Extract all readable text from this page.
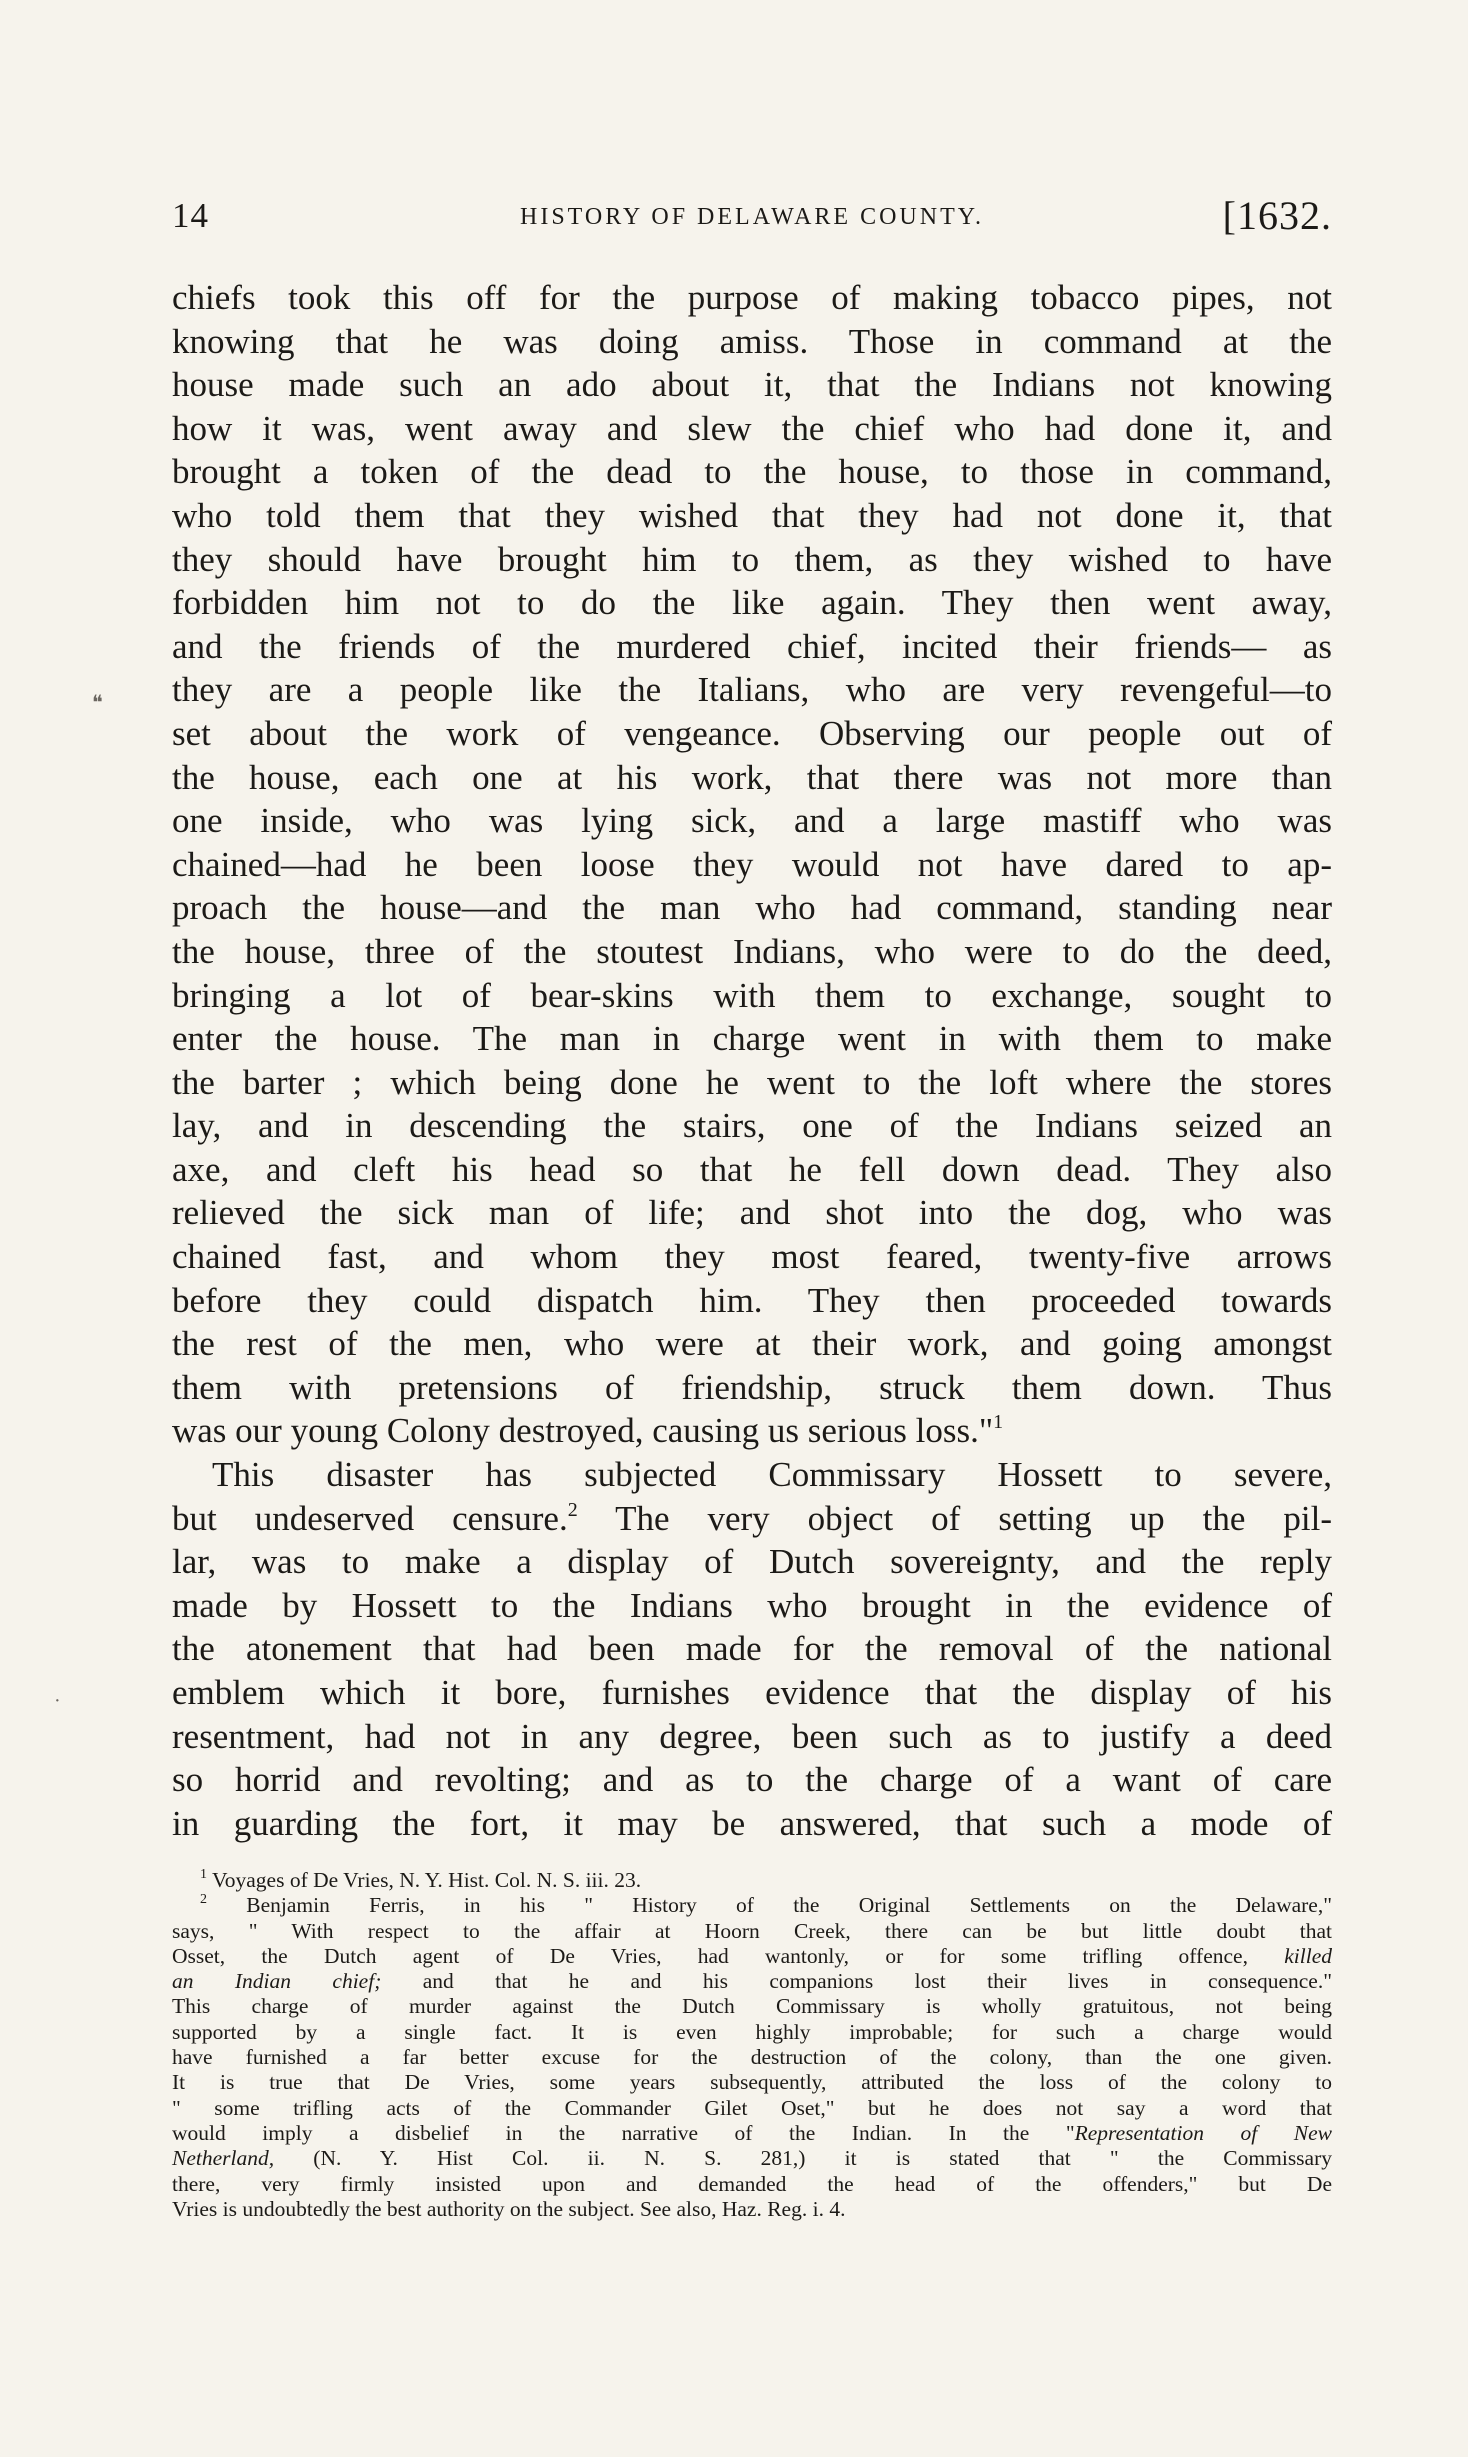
14	HISTORY OF DELAWARE COUNTY.	[1632.
chiefs took this off for the purpose of making tobacco pipes, not
knowing that he was doing amiss. Those in command at the
house made such an ado about it, that the Indians not knowing
how it was, went away and slew the chief who had done it, and
brought a token of the dead to the house, to those in command,
who told them that they wished that they had not done it, that
they should have brought him to them, as they wished to have
forbidden him not to do the like again. They then went away,
and the friends of the murdered chief, incited their friends— as
they are a people like the Italians, who are very revengeful—to
set about the work of vengeance. Observing our people out of
the house, each one at his work, that there was not more than
one inside, who was lying sick, and a large mastiff who was
chained—had he been loose they would not have dared to ap-
proach the house—and the man who had command, standing near
the house, three of the stoutest Indians, who were to do the deed,
bringing a lot of bear-skins with them to exchange, sought to
enter the house. The man in charge went in with them to make
the barter ; which being done he went to the loft where the stores
lay, and in descending the stairs, one of the Indians seized an
axe, and cleft his head so that he fell down dead. They also
relieved the sick man of life; and shot into the dog, who was
chained fast, and whom they most feared, twenty-five arrows
before they could dispatch him. They then proceeded towards
the rest of the men, who were at their work, and going amongst
them with pretensions of friendship, struck them down. Thus
was our young Colony destroyed, causing us serious loss."$^1$
This disaster has subjected Commissary Hossett to severe,
but undeserved censure.$^2$ The very object of setting up the pil-
lar, was to make a display of Dutch sovereignty, and the reply
made by Hossett to the Indians who brought in the evidence of
the atonement that had been made for the removal of the national
emblem which it bore, furnishes evidence that the display of his
resentment, had not in any degree, been such as to justify a deed
so horrid and revolting; and as to the charge of a want of care
in guarding the fort, it may be answered, that such a mode of
❝
·
$^1$ Voyages of De Vries, N. Y. Hist. Col. N. S. iii. 23.
$^2$ Benjamin Ferris, in his " History of the Original Settlements on the Delaware,"
says, " With respect to the affair at Hoorn Creek, there can be but little doubt that
Osset, the Dutch agent of De Vries, had wantonly, or for some trifling offence, killed
an Indian chief; and that he and his companions lost their lives in consequence."
This charge of murder against the Dutch Commissary is wholly gratuitous, not being
supported by a single fact. It is even highly improbable; for such a charge would
have furnished a far better excuse for the destruction of the colony, than the one given.
It is true that De Vries, some years subsequently, attributed the loss of the colony to
" some trifling acts of the Commander Gilet Oset," but he does not say a word that
would imply a disbelief in the narrative of the Indian. In the "Representation of New
Netherland, (N. Y. Hist Col. ii. N. S. 281,) it is stated that " the Commissary
there, very firmly insisted upon and demanded the head of the offenders," but De
Vries is undoubtedly the best authority on the subject. See also, Haz. Reg. i. 4.
